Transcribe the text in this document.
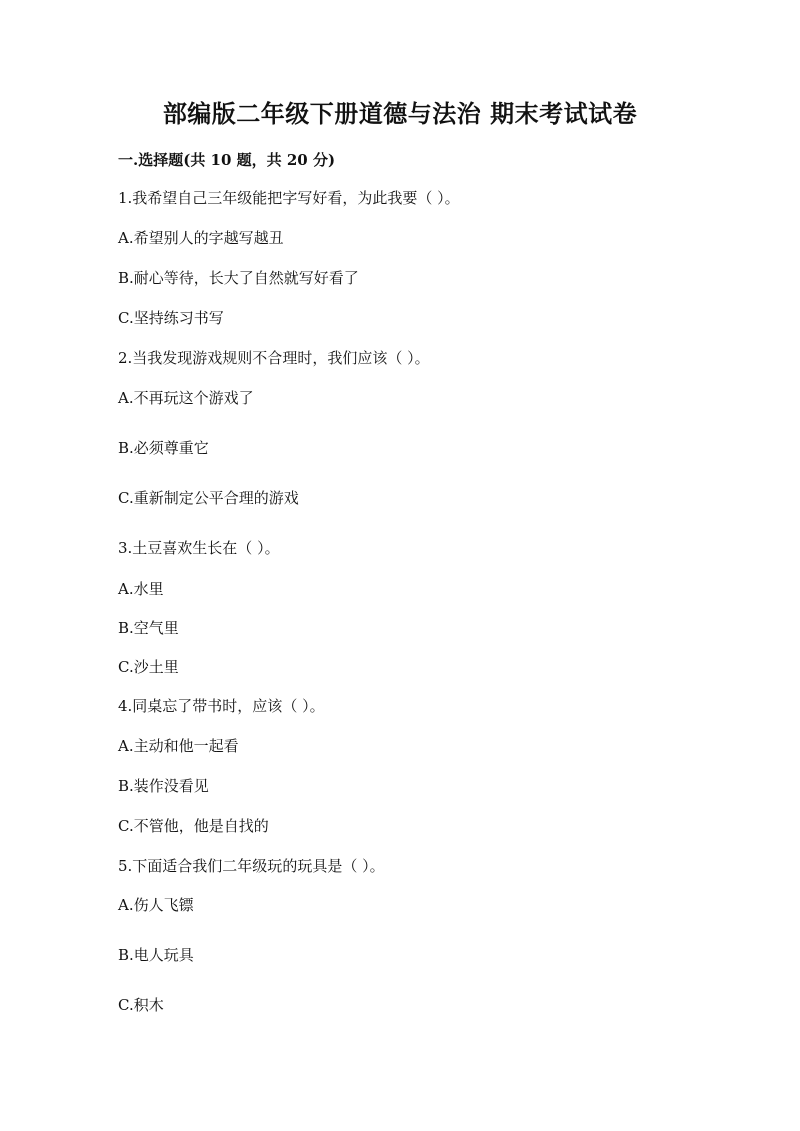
部编版二年级下册道德与法治 期末考试试卷
一.选择题(共 10 题，共 20 分)
1.我希望自己三年级能把字写好看，为此我要（ ）。
A.希望别人的字越写越丑
B.耐心等待，长大了自然就写好看了
C.坚持练习书写
2.当我发现游戏规则不合理时，我们应该（ ）。
A.不再玩这个游戏了
B.必须尊重它
C.重新制定公平合理的游戏
3.土豆喜欢生长在（ ）。
A.水里
B.空气里
C.沙土里
4.同桌忘了带书时，应该（ ）。
A.主动和他一起看
B.装作没看见
C.不管他，他是自找的
5.下面适合我们二年级玩的玩具是（ ）。
A.伤人飞镖
B.电人玩具
C.积木
